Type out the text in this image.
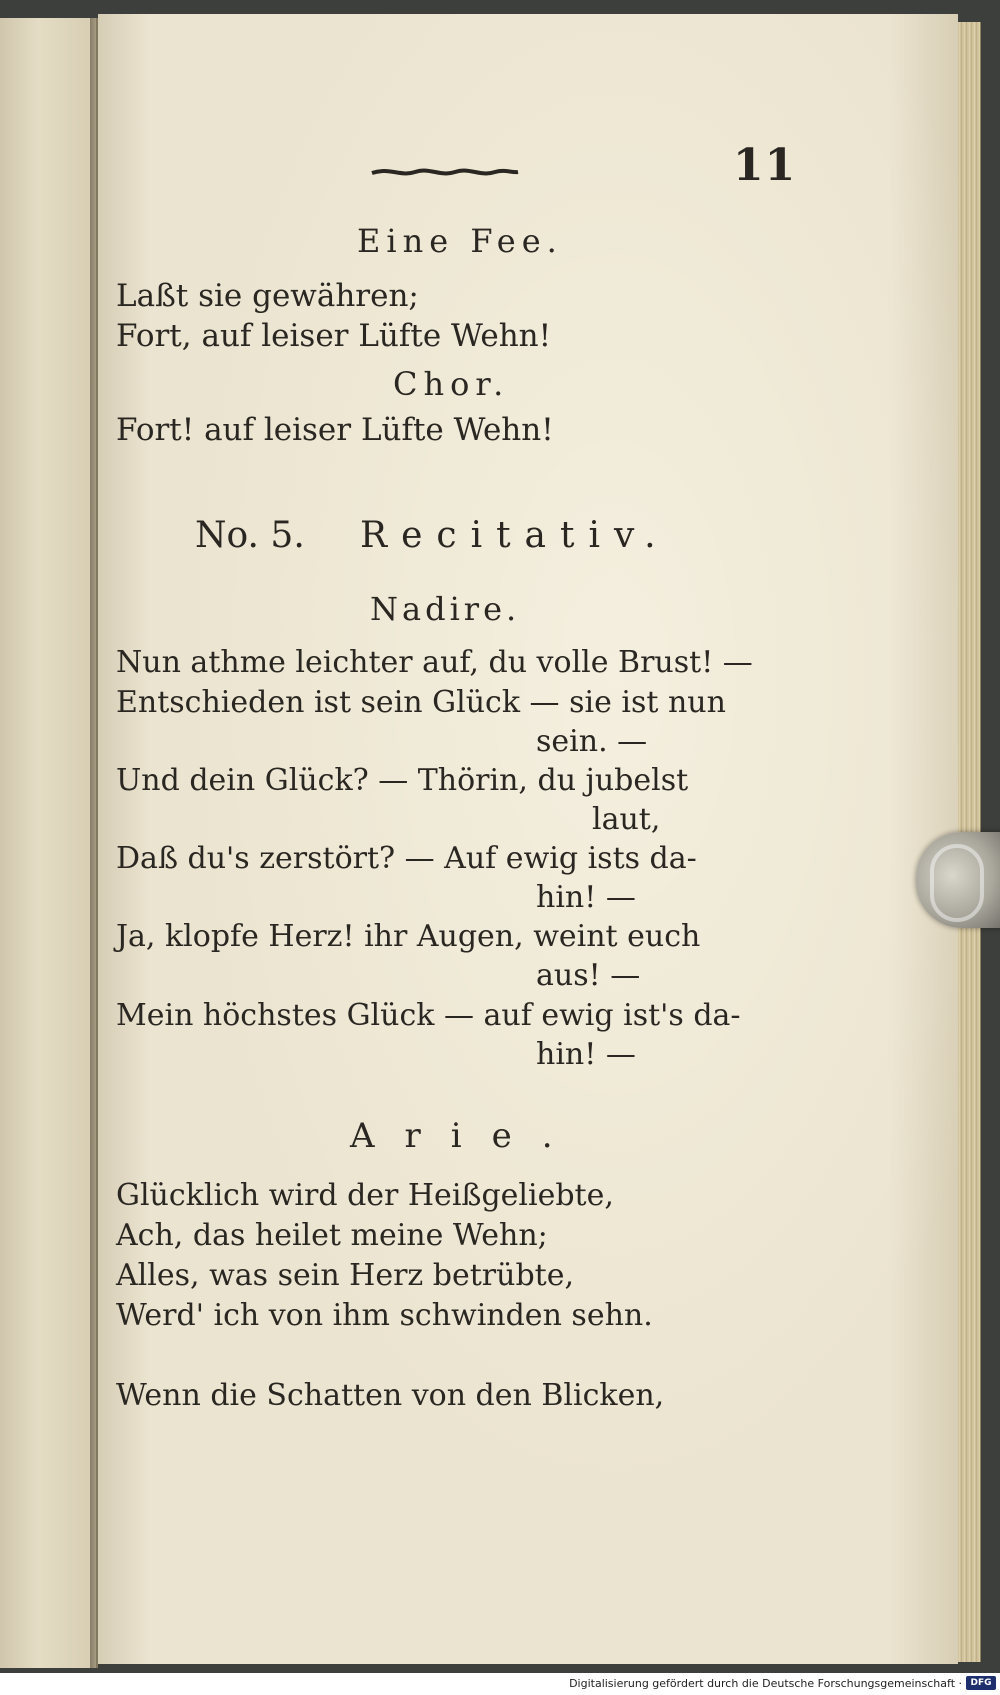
11
Eine Fee.
Laßt sie gewähren;
Fort, auf leiser Lüfte Wehn!
Chor.
Fort! auf leiser Lüfte Wehn!
No. 5. Recitativ.
Nadire.
Nun athme leichter auf, du volle Brust! —
Entschieden ist sein Glück — sie ist nun
sein. —
Und dein Glück? — Thörin, du jubelst
laut,
Daß du's zerstört? — Auf ewig ists da-
hin! —
Ja, klopfe Herz! ihr Augen, weint euch
aus! —
Mein höchstes Glück — auf ewig ist's da-
hin! —
Arie.
Glücklich wird der Heißgeliebte,
Ach, das heilet meine Wehn;
Alles, was sein Herz betrübte,
Werd' ich von ihm schwinden sehn.
Wenn die Schatten von den Blicken,
Digitalisierung gefördert durch die Deutsche Forschungsgemeinschaft · DFG
